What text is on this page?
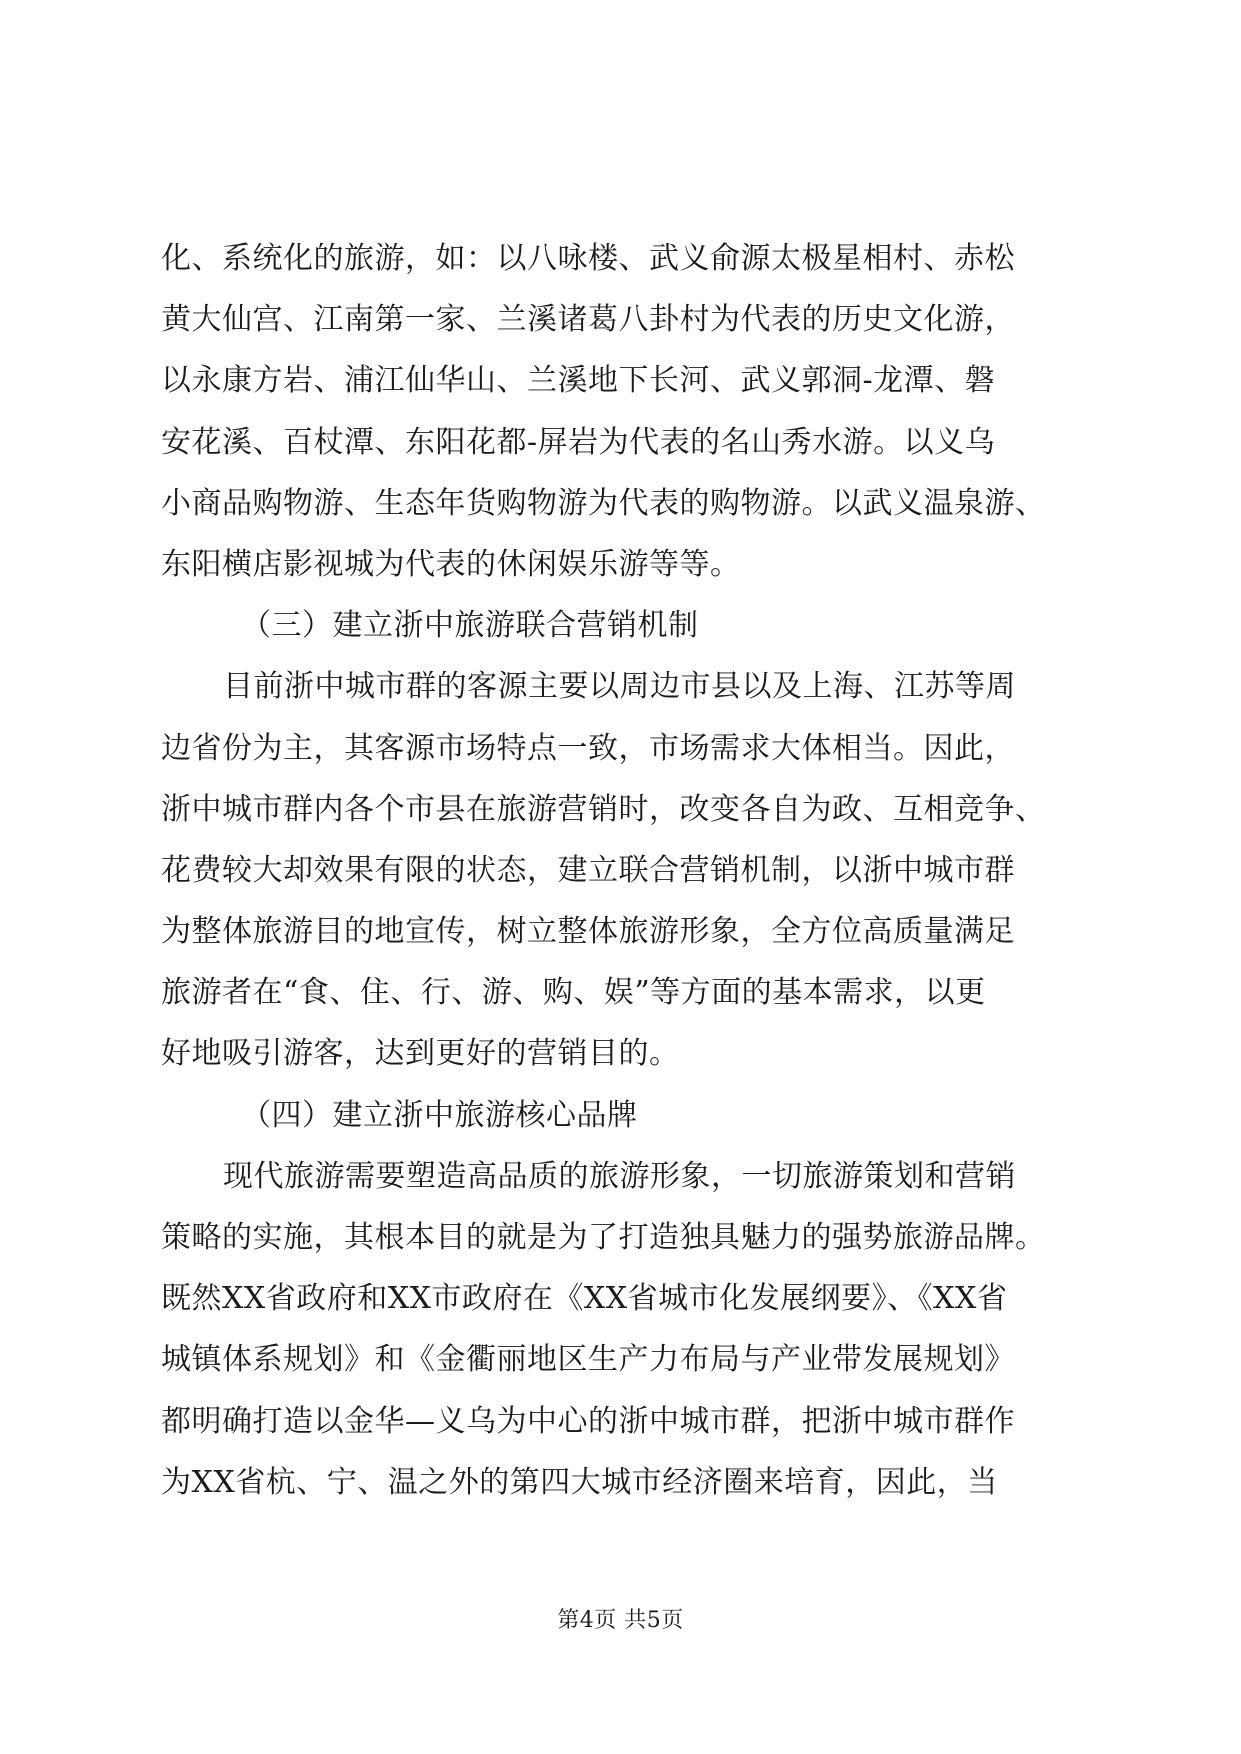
化、系统化的旅游，如：以八咏楼、武义俞源太极星相村、赤松
黄大仙宫、江南第一家、兰溪诸葛八卦村为代表的历史文化游，
以永康方岩、浦江仙华山、兰溪地下长河、武义郭洞-龙潭、磐
安花溪、百杖潭、东阳花都-屏岩为代表的名山秀水游。以义乌
小商品购物游、生态年货购物游为代表的购物游。以武义温泉游、
东阳横店影视城为代表的休闲娱乐游等等。
（三）建立浙中旅游联合营销机制
目前浙中城市群的客源主要以周边市县以及上海、江苏等周
边省份为主，其客源市场特点一致，市场需求大体相当。因此，
浙中城市群内各个市县在旅游营销时，改变各自为政、互相竞争、
花费较大却效果有限的状态，建立联合营销机制，以浙中城市群
为整体旅游目的地宣传，树立整体旅游形象，全方位高质量满足
旅游者在“食、住、行、游、购、娱”等方面的基本需求，以更
好地吸引游客，达到更好的营销目的。
（四）建立浙中旅游核心品牌
现代旅游需要塑造高品质的旅游形象，一切旅游策划和营销
策略的实施，其根本目的就是为了打造独具魅力的强势旅游品牌。
既然XX省政府和XX市政府在《XX省城市化发展纲要》、《XX省
城镇体系规划》和《金衢丽地区生产力布局与产业带发展规划》
都明确打造以金华—义乌为中心的浙中城市群，把浙中城市群作
为XX省杭、宁、温之外的第四大城市经济圈来培育，因此，当
第4页 共5页
